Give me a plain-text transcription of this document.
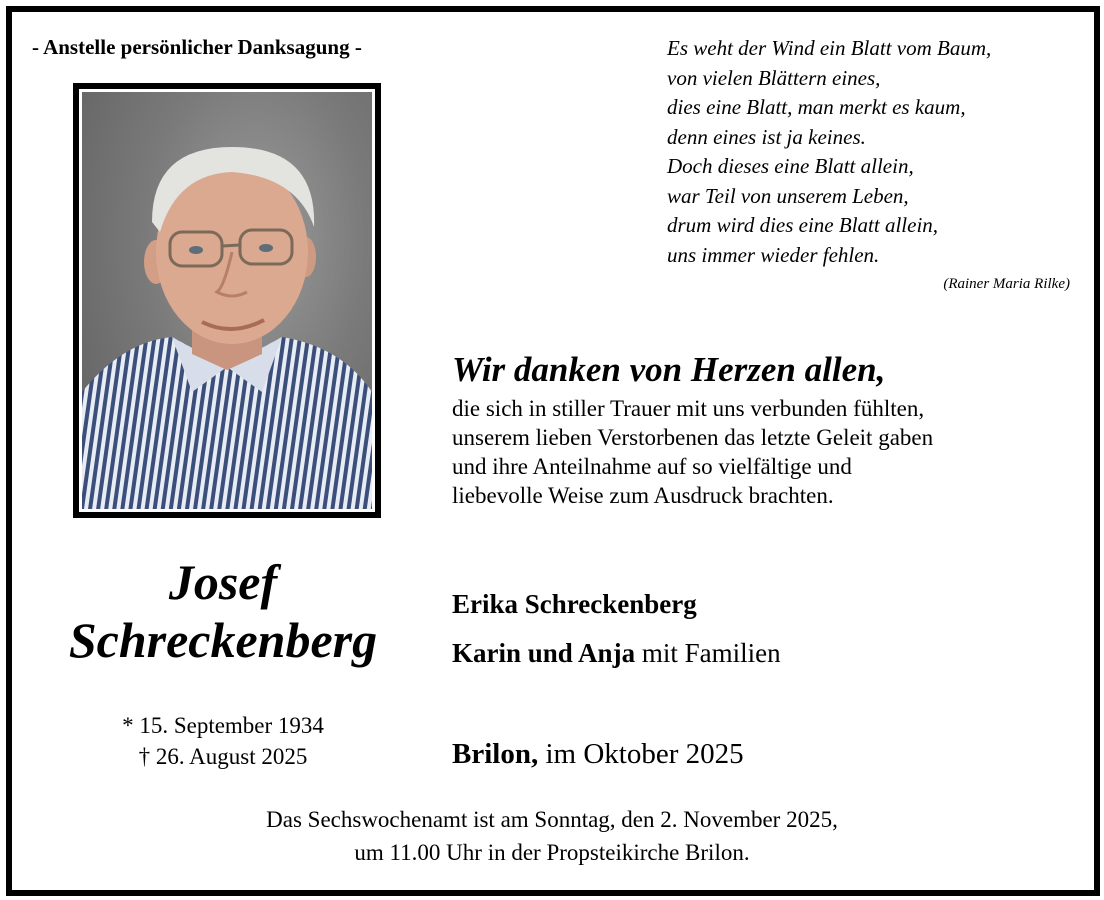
- Anstelle persönlicher Danksagung -	Es weht der Wind ein Blatt vom Baum,
von vielen Blättern eines,
dies eine Blatt, man merkt es kaum,
denn eines ist ja keines.
Doch dieses eine Blatt allein,
war Teil von unserem Leben,
drum wird dies eine Blatt allein,
uns immer wieder fehlen.
(Rainer Maria Rilke)
Wir danken von Herzen allen,
die sich in stiller Trauer mit uns verbunden fühlten,
unserem lieben Verstorbenen das letzte Geleit gaben
und ihre Anteilnahme auf so vielfältige und
liebevolle Weise zum Ausdruck brachten.
Josef
Schreckenberg
* 15. September 1934
† 26. August 2025
Erika Schreckenberg
Karin und Anja mit Familien
Brilon, im Oktober 2025
Das Sechswochenamt ist am Sonntag, den 2. November 2025,
um 11.00 Uhr in der Propsteikirche Brilon.
